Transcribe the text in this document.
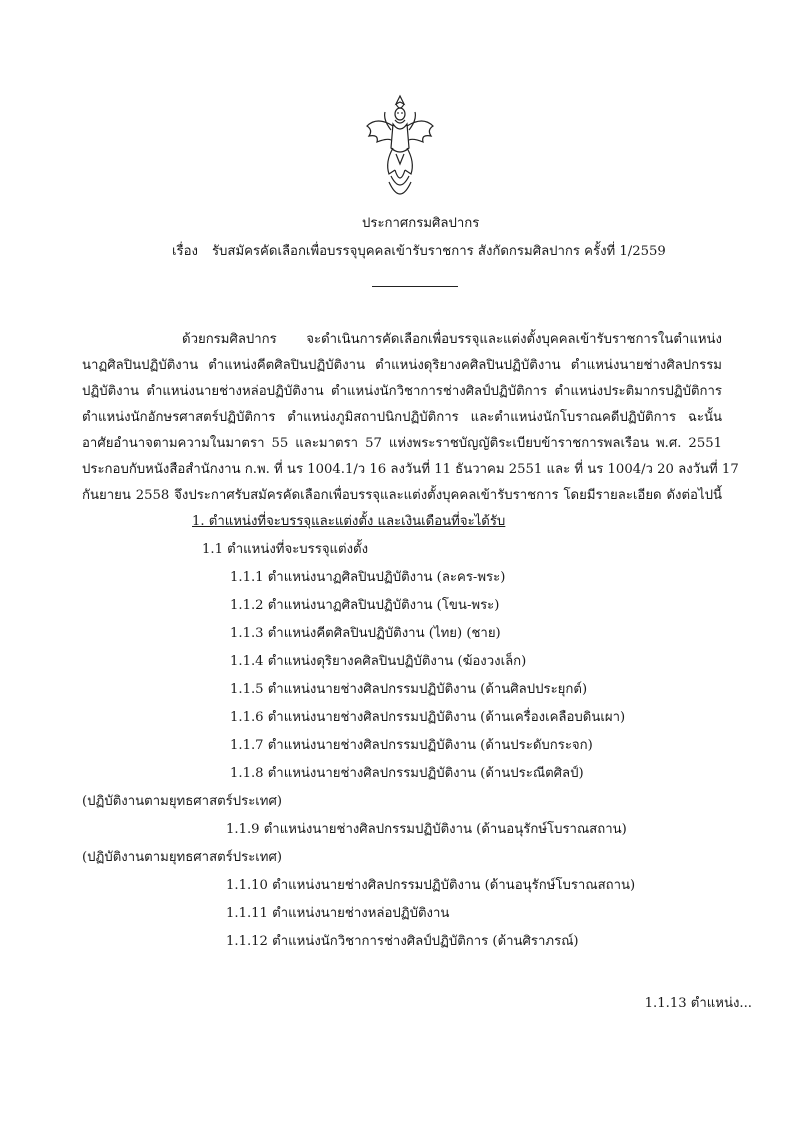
ประกาศกรมศิลปากร
เรื่อง รับสมัครคัดเลือกเพื่อบรรจุบุคคลเข้ารับราชการ สังกัดกรมศิลปากร ครั้งที่ 1/2559
ด้วยกรมศิลปากร จะดำเนินการคัดเลือกเพื่อบรรจุและแต่งตั้งบุคคลเข้ารับราชการในตำแหน่ง
นาฏศิลปินปฏิบัติงาน ตำแหน่งคีตศิลปินปฏิบัติงาน ตำแหน่งดุริยางคศิลปินปฏิบัติงาน ตำแหน่งนายช่างศิลปกรรม
ปฏิบัติงาน ตำแหน่งนายช่างหล่อปฏิบัติงาน ตำแหน่งนักวิชาการช่างศิลป์ปฏิบัติการ ตำแหน่งประติมากรปฏิบัติการ
ตำแหน่งนักอักษรศาสตร์ปฏิบัติการ ตำแหน่งภูมิสถาปนิกปฏิบัติการ และตำแหน่งนักโบราณคดีปฏิบัติการ ฉะนั้น
อาศัยอำนาจตามความในมาตรา 55 และมาตรา 57 แห่งพระราชบัญญัติระเบียบข้าราชการพลเรือน พ.ศ. 2551
ประกอบกับหนังสือสำนักงาน ก.พ. ที่ นร 1004.1/ว 16 ลงวันที่ 11 ธันวาคม 2551 และ ที่ นร 1004/ว 20 ลงวันที่ 17
กันยายน 2558 จึงประกาศรับสมัครคัดเลือกเพื่อบรรจุและแต่งตั้งบุคคลเข้ารับราชการ โดยมีรายละเอียด ดังต่อไปนี้
1. ตำแหน่งที่จะบรรจุและแต่งตั้ง และเงินเดือนที่จะได้รับ
1.1 ตำแหน่งที่จะบรรจุแต่งตั้ง
1.1.1 ตำแหน่งนาฏศิลปินปฏิบัติงาน (ละคร-พระ)
1.1.2 ตำแหน่งนาฏศิลปินปฏิบัติงาน (โขน-พระ)
1.1.3 ตำแหน่งคีตศิลปินปฏิบัติงาน (ไทย) (ชาย)
1.1.4 ตำแหน่งดุริยางคศิลปินปฏิบัติงาน (ฆ้องวงเล็ก)
1.1.5 ตำแหน่งนายช่างศิลปกรรมปฏิบัติงาน (ด้านศิลปประยุกต์)
1.1.6 ตำแหน่งนายช่างศิลปกรรมปฏิบัติงาน (ด้านเครื่องเคลือบดินเผา)
1.1.7 ตำแหน่งนายช่างศิลปกรรมปฏิบัติงาน (ด้านประดับกระจก)
1.1.8 ตำแหน่งนายช่างศิลปกรรมปฏิบัติงาน (ด้านประณีตศิลป์)
(ปฏิบัติงานตามยุทธศาสตร์ประเทศ)
1.1.9 ตำแหน่งนายช่างศิลปกรรมปฏิบัติงาน (ด้านอนุรักษ์โบราณสถาน)
(ปฏิบัติงานตามยุทธศาสตร์ประเทศ)
1.1.10 ตำแหน่งนายช่างศิลปกรรมปฏิบัติงาน (ด้านอนุรักษ์โบราณสถาน)
1.1.11 ตำแหน่งนายช่างหล่อปฏิบัติงาน
1.1.12 ตำแหน่งนักวิชาการช่างศิลป์ปฏิบัติการ (ด้านศิราภรณ์)
1.1.13 ตำแหน่ง...
